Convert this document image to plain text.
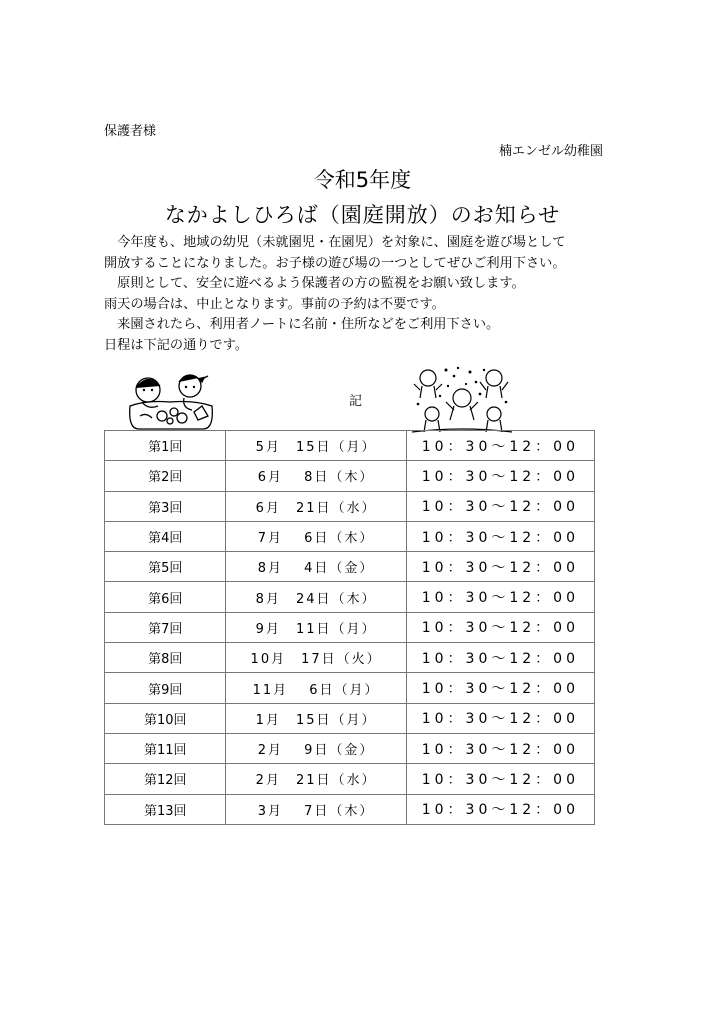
保護者様
楠エンゼル幼稚園
令和5年度
なかよしひろば（園庭開放）のお知らせ

　今年度も、地域の幼児（未就園児・在園児）を対象に、園庭を遊び場として

開放することになりました。お子様の遊び場の一つとしてぜひご利用下さい。

　原則として、安全に遊べるよう保護者の方の監視をお願い致します。

雨天の場合は、中止となります。事前の予約は不要です。

　来園されたら、利用者ノートに名前・住所などをご利用下さい。

日程は下記の通りです。

記
第1回	5月　15日（月）	10：30〜12：00
第2回	6月　 8日（木）	10：30〜12：00
第3回	6月　21日（水）	10：30〜12：00
第4回	7月　 6日（木）	10：30〜12：00
第5回	8月　 4日（金）	10：30〜12：00
第6回	8月　24日（木）	10：30〜12：00
第7回	9月　11日（月）	10：30〜12：00
第8回	10月　17日（火）	10：30〜12：00
第9回	11月　 6日（月）	10：30〜12：00
第10回	1月　15日（月）	10：30〜12：00
第11回	2月　 9日（金）	10：30〜12：00
第12回	2月　21日（水）	10：30〜12：00
第13回	3月　 7日（木）	10：30〜12：00
